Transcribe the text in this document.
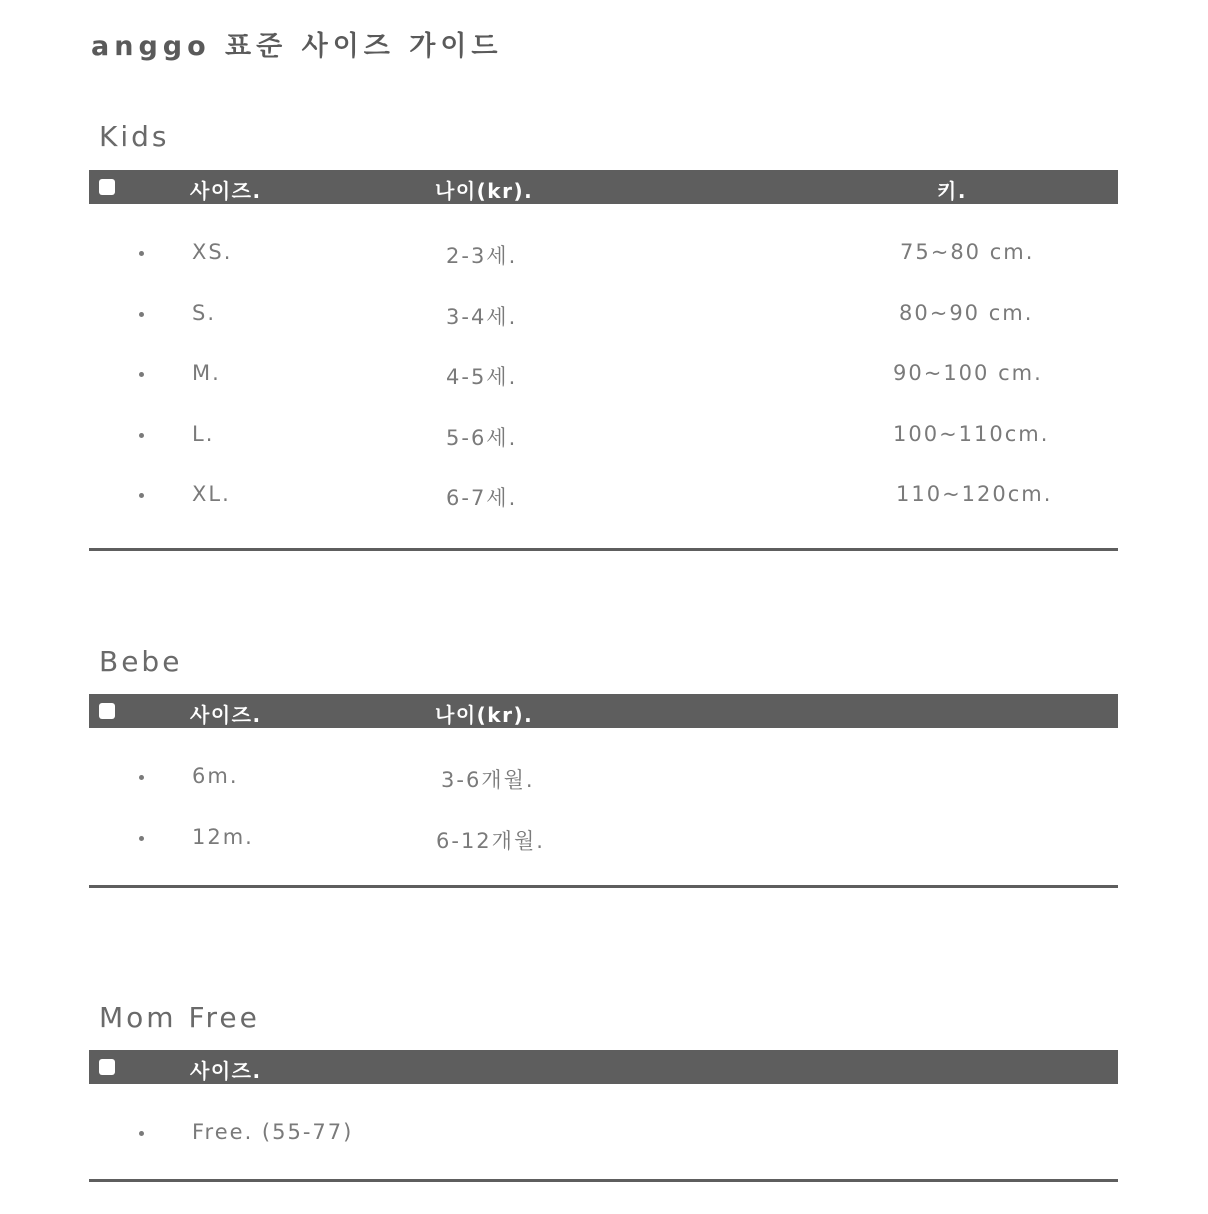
anggo 표준 사이즈 가이드
Kids
사이즈.	나이(kr).	키.
XS.	2-3세.	75~80 cm.
S.	3-4세.	80~90 cm.
M.	4-5세.	90~100 cm.
L.	5-6세.	100~110cm.
XL.	6-7세.	110~120cm.
Bebe
사이즈.	나이(kr).
6m.	3-6개월.
12m.	6-12개월.
Mom Free
사이즈.
Free. (55-77)
